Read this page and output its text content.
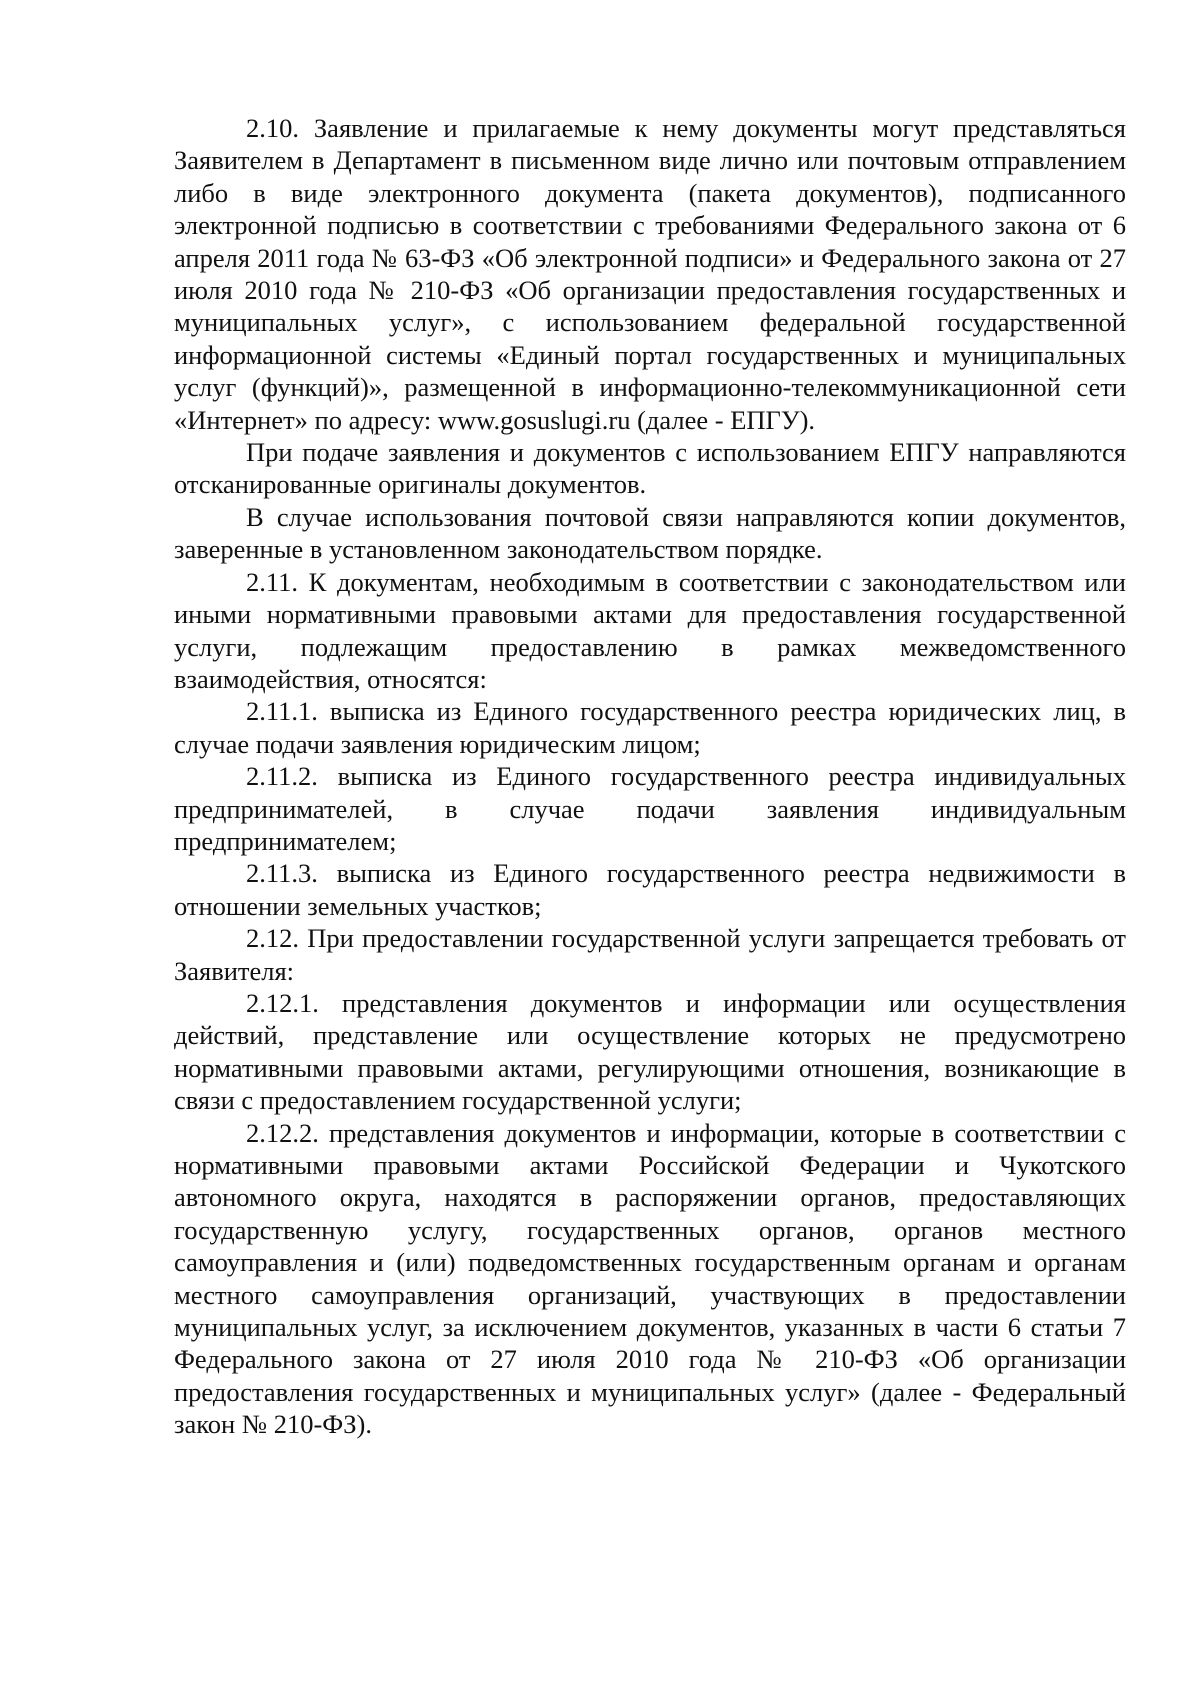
2.10. Заявление и прилагаемые к нему документы могут представляться Заявителем в Департамент в письменном виде лично или почтовым отправлением либо в виде электронного документа (пакета документов), подписанного электронной подписью в соответствии с требованиями Федерального закона от 6 апреля 2011 года № 63-ФЗ «Об электронной подписи» и Федерального закона от 27 июля 2010 года № 210-ФЗ «Об организации предоставления государственных и муниципальных услуг», с использованием федеральной государственной информационной системы «Единый портал государственных и муниципальных услуг (функций)», размещенной в информационно-телекоммуникационной сети «Интернет» по адресу: www.gosuslugi.ru (далее - ЕПГУ).

При подаче заявления и документов с использованием ЕПГУ направляются отсканированные оригиналы документов.

В случае использования почтовой связи направляются копии документов, заверенные в установленном законодательством порядке.

2.11. К документам, необходимым в соответствии с законодательством или иными нормативными правовыми актами для предоставления государственной услуги, подлежащим предоставлению в рамках межведомственного взаимодействия, относятся:

2.11.1. выписка из Единого государственного реестра юридических лиц, в случае подачи заявления юридическим лицом;

2.11.2. выписка из Единого государственного реестра индивидуальных предпринимателей, в случае подачи заявления индивидуальным предпринимателем;

2.11.3. выписка из Единого государственного реестра недвижимости в отношении земельных участков;

2.12. При предоставлении государственной услуги запрещается требовать от Заявителя:

2.12.1. представления документов и информации или осуществления действий, представление или осуществление которых не предусмотрено нормативными правовыми актами, регулирующими отношения, возникающие в связи с предоставлением государственной услуги;

2.12.2. представления документов и информации, которые в соответствии с нормативными правовыми актами Российской Федерации и Чукотского автономного округа, находятся в распоряжении органов, предоставляющих государственную услугу, государственных органов, органов местного самоуправления и (или) подведомственных государственным органам и органам местного самоуправления организаций, участвующих в предоставлении муниципальных услуг, за исключением документов, указанных в части 6 статьи 7 Федерального закона от 27 июля 2010 года № 210-ФЗ «Об организации предоставления государственных и муниципальных услуг» (далее - Федеральный закон № 210-ФЗ).
